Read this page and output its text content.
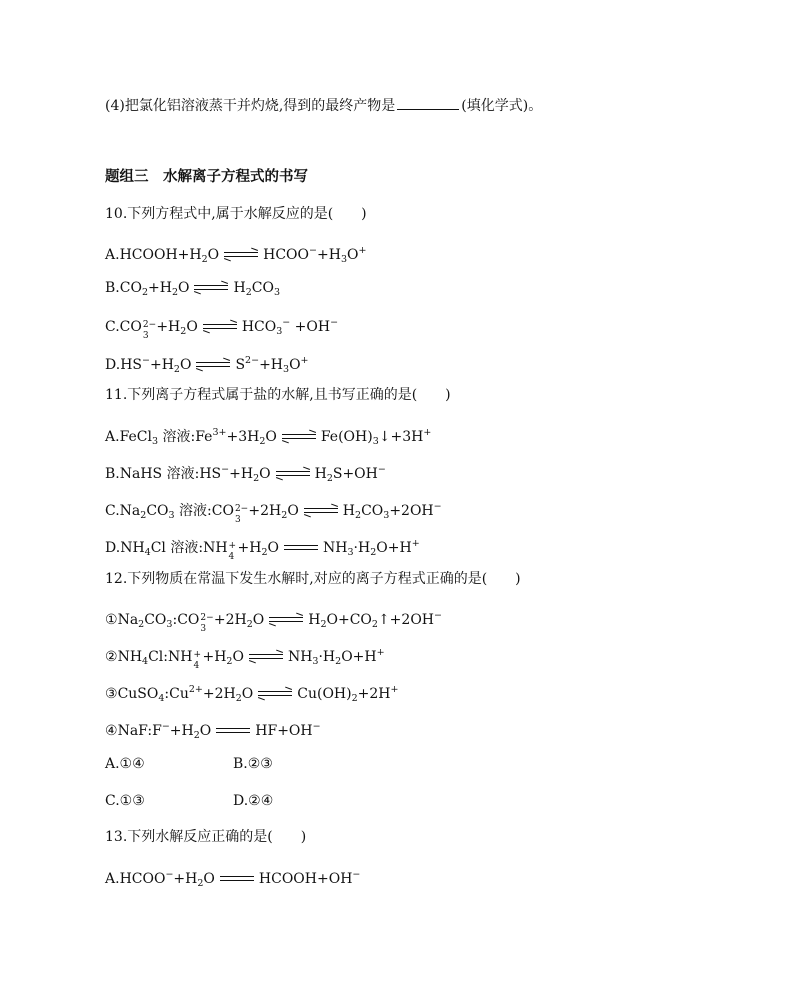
(4)把氯化铝溶液蒸干并灼烧,得到的最终产物是	(填化学式)。
题组三　水解离子方程式的书写
10.下列方程式中,属于水解反应的是(　　)
$A.HCOOH+H_2O$	$HCOO^-+H_3O^+$
$B.CO_2+H_2O$	$H_2CO_3$
C.CO 2−
3
$+H_2O$	$HCO_3^- +OH^-$
$D.HS^-+H_2O$	$S^{2-}+H_3O^+$
11.下列离子方程式属于盐的水解,且书写正确的是(　　)
A.FeCl$_3$ 溶液$:Fe^{3+}+3H_2O$	$Fe(OH)_3↓+3H^+$
B.NaHS 溶液$:HS^-+H_2O$	$H_2S+OH^-$
$C.Na_2CO_3$ 溶液:CO 2−
3
$+2H_2O$	$H_2CO_3+2OH^-$
$D.NH_4Cl$ 溶液:NH +
4
$+H_2O$	$NH_3\cdot H_2O+H^+$
12.下列物质在常温下发生水解时,对应的离子方程式正确的是(　　)
$①Na_2CO_3:CO$ 2−
3
$+2H_2O$	$H_2O+CO_2↑+2OH^-$
$②NH_4Cl:NH$ +
4
$+H_2O$	$NH_3\cdot H_2O+H^+$
$③CuSO_4:Cu^{2+}+2H_2O$	$Cu(OH)_2+2H^+$
$④NaF:F^-+H_2O$	HF+OH−
A.①④	B.②③
C.①③	D.②④
13.下列水解反应正确的是(　　)
$A.HCOO^-+H_2O$	HCOOH+OH−
